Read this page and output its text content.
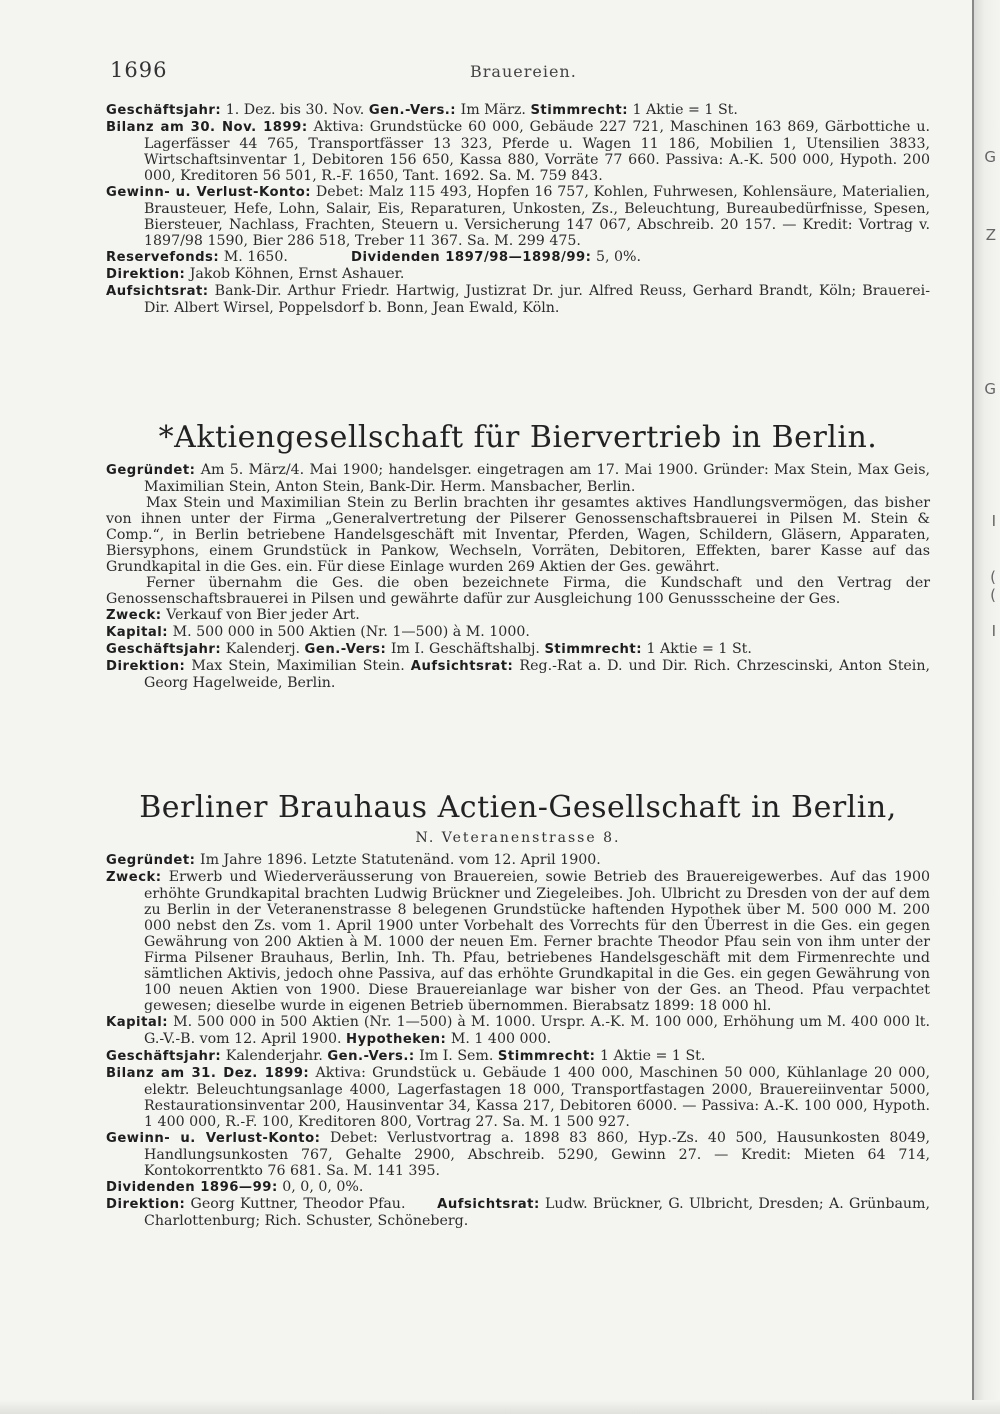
G
Z
G
I
(
(
I
1696	Brauereien.

Geschäftsjahr: 1. Dez. bis 30. Nov. Gen.-Vers.: Im März. Stimmrecht: 1 Aktie = 1 St.

Bilanz am 30. Nov. 1899: Aktiva: Grundstücke 60 000, Gebäude 227 721, Maschinen 163 869, Gärbottiche u. Lagerfässer 44 765, Transportfässer 13 323, Pferde u. Wagen 11 186, Mobilien 1, Utensilien 3833, Wirtschaftsinventar 1, Debitoren 156 650, Kassa 880, Vorräte 77 660. Passiva: A.-K. 500 000, Hypoth. 200 000, Kreditoren 56 501, R.-F. 1650, Tant. 1692. Sa. M. 759 843.

Gewinn- u. Verlust-Konto: Debet: Malz 115 493, Hopfen 16 757, Kohlen, Fuhrwesen, Kohlensäure, Materialien, Brausteuer, Hefe, Lohn, Salair, Eis, Reparaturen, Unkosten, Zs., Beleuchtung, Bureaubedürfnisse, Spesen, Biersteuer, Nachlass, Frachten, Steuern u. Versicherung 147 067, Abschreib. 20 157. — Kredit: Vortrag v. 1897/98 1590, Bier 286 518, Treber 11 367. Sa. M. 299 475.

Reservefonds: M. 1650.	Dividenden 1897/98—1898/99: 5, 0%.

Direktion: Jakob Köhnen, Ernst Ashauer.

Aufsichtsrat: Bank-Dir. Arthur Friedr. Hartwig, Justizrat Dr. jur. Alfred Reuss, Gerhard Brandt, Köln; Brauerei-Dir. Albert Wirsel, Poppelsdorf b. Bonn, Jean Ewald, Köln.

*Aktiengesellschaft für Biervertrieb in Berlin.

Gegründet: Am 5. März/4. Mai 1900; handelsger. eingetragen am 17. Mai 1900. Gründer: Max Stein, Max Geis, Maximilian Stein, Anton Stein, Bank-Dir. Herm. Mansbacher, Berlin.

Max Stein und Maximilian Stein zu Berlin brachten ihr gesamtes aktives Handlungsvermögen, das bisher von ihnen unter der Firma „Generalvertretung der Pilserer Genossenschaftsbrauerei in Pilsen M. Stein & Comp.“, in Berlin betriebene Handelsgeschäft mit Inventar, Pferden, Wagen, Schildern, Gläsern, Apparaten, Biersyphons, einem Grundstück in Pankow, Wechseln, Vorräten, Debitoren, Effekten, barer Kasse auf das Grundkapital in die Ges. ein. Für diese Einlage wurden 269 Aktien der Ges. gewährt.

Ferner übernahm die Ges. die oben bezeichnete Firma, die Kundschaft und den Vertrag der Genossenschaftsbrauerei in Pilsen und gewährte dafür zur Ausgleichung 100 Genussscheine der Ges.

Zweck: Verkauf von Bier jeder Art.

Kapital: M. 500 000 in 500 Aktien (Nr. 1—500) à M. 1000.

Geschäftsjahr: Kalenderj. Gen.-Vers: Im I. Geschäftshalbj. Stimmrecht: 1 Aktie = 1 St.

Direktion: Max Stein, Maximilian Stein. Aufsichtsrat: Reg.-Rat a. D. und Dir. Rich. Chrzescinski, Anton Stein, Georg Hagelweide, Berlin.

Berliner Brauhaus Actien-Gesellschaft in Berlin,
N. Veteranenstrasse 8.

Gegründet: Im Jahre 1896. Letzte Statutenänd. vom 12. April 1900.

Zweck: Erwerb und Wiederveräusserung von Brauereien, sowie Betrieb des Brauereigewerbes. Auf das 1900 erhöhte Grundkapital brachten Ludwig Brückner und Ziegeleibes. Joh. Ulbricht zu Dresden von der auf dem zu Berlin in der Veteranenstrasse 8 belegenen Grundstücke haftenden Hypothek über M. 500 000 M. 200 000 nebst den Zs. vom 1. April 1900 unter Vorbehalt des Vorrechts für den Überrest in die Ges. ein gegen Gewährung von 200 Aktien à M. 1000 der neuen Em. Ferner brachte Theodor Pfau sein von ihm unter der Firma Pilsener Brauhaus, Berlin, Inh. Th. Pfau, betriebenes Handelsgeschäft mit dem Firmenrechte und sämtlichen Aktivis, jedoch ohne Passiva, auf das erhöhte Grundkapital in die Ges. ein gegen Gewährung von 100 neuen Aktien von 1900. Diese Brauereianlage war bisher von der Ges. an Theod. Pfau verpachtet gewesen; dieselbe wurde in eigenen Betrieb übernommen. Bierabsatz 1899: 18 000 hl.

Kapital: M. 500 000 in 500 Aktien (Nr. 1—500) à M. 1000. Urspr. A.-K. M. 100 000, Erhöhung um M. 400 000 lt. G.-V.-B. vom 12. April 1900. Hypotheken: M. 1 400 000.

Geschäftsjahr: Kalenderjahr. Gen.-Vers.: Im I. Sem. Stimmrecht: 1 Aktie = 1 St.

Bilanz am 31. Dez. 1899: Aktiva: Grundstück u. Gebäude 1 400 000, Maschinen 50 000, Kühlanlage 20 000, elektr. Beleuchtungsanlage 4000, Lagerfastagen 18 000, Transportfastagen 2000, Brauereiinventar 5000, Restaurationsinventar 200, Hausinventar 34, Kassa 217, Debitoren 6000. — Passiva: A.-K. 100 000, Hypoth. 1 400 000, R.-F. 100, Kreditoren 800, Vortrag 27. Sa. M. 1 500 927.

Gewinn- u. Verlust-Konto: Debet: Verlustvortrag a. 1898 83 860, Hyp.-Zs. 40 500, Hausunkosten 8049, Handlungsunkosten 767, Gehalte 2900, Abschreib. 5290, Gewinn 27. — Kredit: Mieten 64 714, Kontokorrentkto 76 681. Sa. M. 141 395.

Dividenden 1896—99: 0, 0, 0, 0%.

Direktion: Georg Kuttner, Theodor Pfau. Aufsichtsrat: Ludw. Brückner, G. Ulbricht, Dresden; A. Grünbaum, Charlottenburg; Rich. Schuster, Schöneberg.
